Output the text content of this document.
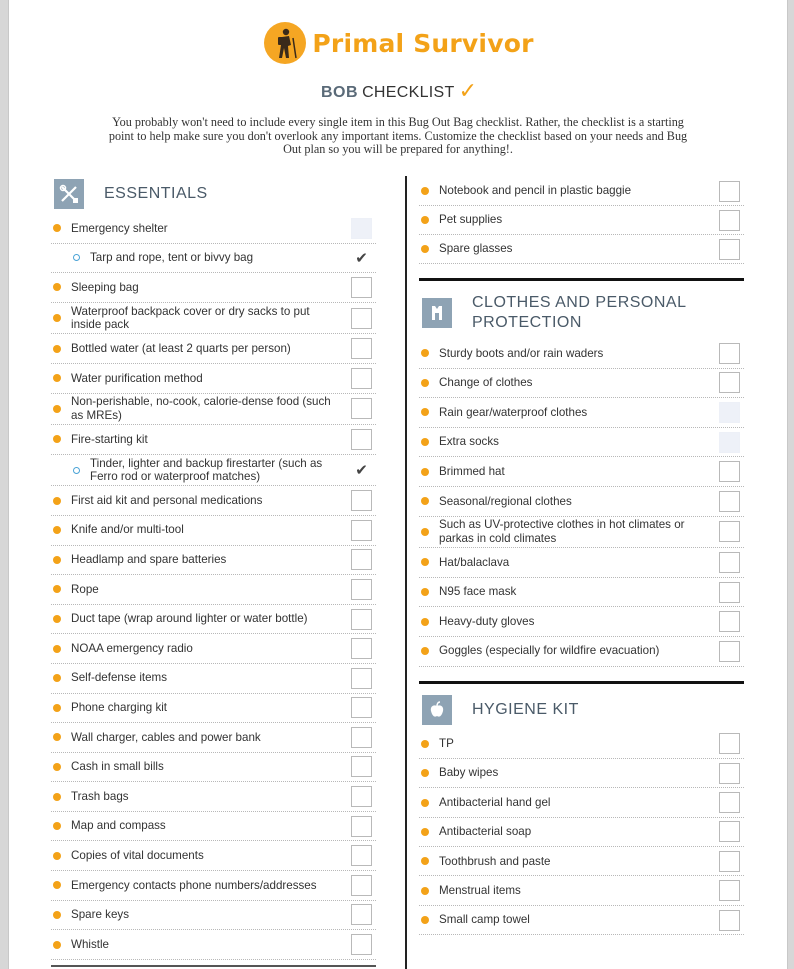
Primal Survivor
BOB CHECKLIST ✓
You probably won't need to include every single item in this Bug Out Bag checklist. Rather, the checklist is a starting point to help make sure you don't overlook any important items. Customize the checklist based on your needs and Bug Out plan so you will be prepared for anything!.
ESSENTIALS
Emergency shelter
Tarp and rope, tent or bivvy bag	✔
Sleeping bag
Waterproof backpack cover or dry sacks to put inside pack
Bottled water (at least 2 quarts per person)
Water purification method
Non-perishable, no-cook, calorie-dense food (such as MREs)
Fire-starting kit
Tinder, lighter and backup firestarter (such as Ferro rod or waterproof matches)	✔
First aid kit and personal medications
Knife and/or multi-tool
Headlamp and spare batteries
Rope
Duct tape (wrap around lighter or water bottle)
NOAA emergency radio
Self-defense items
Phone charging kit
Wall charger, cables and power bank
Cash in small bills
Trash bags
Map and compass
Copies of vital documents
Emergency contacts phone numbers/addresses
Spare keys
Whistle
Notebook and pencil in plastic baggie
Pet supplies
Spare glasses
CLOTHES AND PERSONAL
PROTECTION
Sturdy boots and/or rain waders
Change of clothes
Rain gear/waterproof clothes
Extra socks
Brimmed hat
Seasonal/regional clothes
Such as UV-protective clothes in hot climates or parkas in cold climates
Hat/balaclava
N95 face mask
Heavy-duty gloves
Goggles (especially for wildfire evacuation)
HYGIENE KIT
TP
Baby wipes
Antibacterial hand gel
Antibacterial soap
Toothbrush and paste
Menstrual items
Small camp towel
